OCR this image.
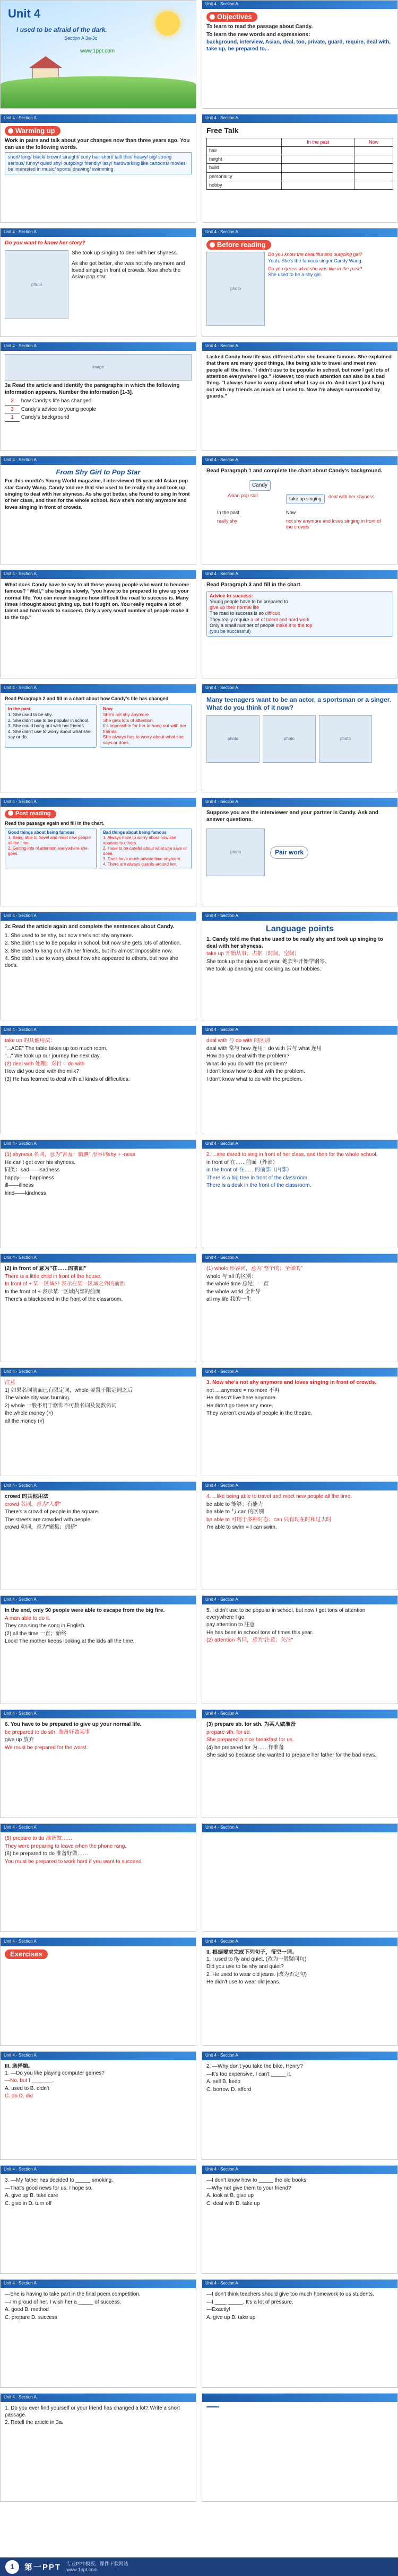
Unit 4
I used to be afraid of the dark.
Section A 3a-3c
www.1ppt.com
Unit 4 · Section A
Objectives
To learn to read the passage about Candy.
To learn the new words and expressions:
background, interview, Asian, deal, too, private, guard, require, deal with, take up, be prepared to...
Unit 4 · Section A
Warming up
Work in pairs and talk about your changes now than three years ago. You can use the following words.
short/ long/ black/ brown/ straight/ curly hair short/ tall/ thin/ heavy/ big/ strong serious/ funny/ quiet/ shy/ outgoing/ friendly/ lazy/ hardworking like cartoons/ movies be interested in music/ sports/ drawing/ swimming
Unit 4 · Section A
Free Talk
	In the past	Now
hair		
height		
build		
personality		
hobby		
Unit 4 · Section A
Do you want to know her story?
photo
She took up singing to deal with her shyness.
As she got better, she was not shy anymore and loved singing in front of crowds. Now she's the Asian pop star.
Unit 4 · Section A
Before reading
photo
Do you know the beautiful and outgoing girl?
Yeah. She's the famous singer Candy Wang.
Do you guess what she was like in the past?
She used to be a shy girl.
Unit 4 · Section A
image
3a Read the article and identify the paragraphs in which the following information appears. Number the information [1-3].
2 how Candy's life has changed
3 Candy's advice to young people
1 Candy's background
Unit 4 · Section A
I asked Candy how life was different after she became famous. She explained that there are many good things, like being able to travel and meet new people all the time. "I didn't use to be popular in school, but now I get lots of attention everywhere I go." However, too much attention can also be a bad thing. "I always have to worry about what I say or do. And I can't just hang out with my friends as much as I used to. Now I'm always surrounded by guards."
Unit 4 · Section A
From Shy Girl to Pop Star
For this month's Young World magazine, I interviewed 15-year-old Asian pop star Candy Wang. Candy told me that she used to be really shy and took up singing to deal with her shyness. As she got better, she found to sing in front of her class, and then for the whole school. Now she's not shy anymore and loves singing in front of crowds.
Unit 4 · Section A
Read Paragraph 1 and complete the chart about Candy's background.
Candy
Asian pop star
take up singing	deal with her shyness
In the past	Now
really shy	not shy anymore and loves singing in front of the crowds
Unit 4 · Section A
What does Candy have to say to all those young people who want to become famous? "Well," she begins slowly, "you have to be prepared to give up your normal life. You can never imagine how difficult the road to success is. Many times I thought about giving up, but I fought on. You really require a lot of talent and hard work to succeed. Only a very small number of people make it to the top."
Unit 4 · Section A
Read Paragraph 3 and fill in the chart.
Advice to success:
Young people have to be prepared to
give up their normal life
The road to success is so difficult
They really require a lot of talent and hard work
Only a small number of people make it to the top
(you be successful)
Unit 4 · Section A
Read Paragraph 2 and fill in a chart about how Candy's life has changed
In the past
1. She used to be shy.
2. She didn't use to be popular in school.
3. She could hang out with her friends.
4. She didn't use to worry about what she say or do.
Now
She's not shy anymore
She gets lots of attention.
It's impossible for her to hang out with her friends.
She always has to worry about what she says or does.
Unit 4 · Section A
Many teenagers want to be an actor, a sportsman or a singer. What do you think of it now?
photo	photo	photo
Unit 4 · Section A
Post reading
Read the passage again and fill in the chart.
Good things about being famous
1. Being able to travel and meet new people all the time.
2. Getting lots of attention everywhere she goes.
Bad things about being famous
1. Always have to worry about how she appears to others.
2. Have to be careful about what she says or does.
3. Don't have much private time anymore.
4. There are always guards around her.
Unit 4 · Section A
Suppose you are the interviewer and your partner is Candy. Ask and answer questions.
photo	Pair work
Unit 4 · Section A
3c Read the article again and complete the sentences about Candy.
1. She used to be shy, but now she's not shy anymore.
2. She didn't use to be popular in school, but now she gets lots of attention.
3. She used to hang out with her friends, but it's almost impossible now.
4. She didn't use to worry about how she appeared to others, but now she does.
Unit 4 · Section A
Language points
1. Candy told me that she used to be really shy and took up singing to deal with her shyness.
take up 开始从事；占据（时间、空间）
She took up the piano last year. 她去年开始学钢琴。
We took up dancing and cooking as our hobbies.
Unit 4 · Section A
take up 的其他用法：
"...ACE" The table takes up too much room.
"..." We took up our journey the next day.
(2) deal with 处理；对付 = do with
How did you deal with the milk?
(3) He has learned to deal with all kinds of difficulties.
Unit 4 · Section A
deal with 与 do with 的区别
deal with 常与 how 连用；do with 常与 what 连用
How do you deal with the problem?
What do you do with the problem?
I don't know how to deal with the problem.
I don't know what to do with the problem.
Unit 4 · Section A
(1) shyness 名词，意为"害羞；腼腆" 形容词shy + -ness
He can't get over his shyness.
同类：sad——sadness
happy——happiness
ill——illness
kind——kindness
Unit 4 · Section A
2. ...she dared to sing in front of her class, and then for the whole school.
in front of 在……前面（外部）
in the front of 在……的前部（内部）
There is a big tree in front of the classroom.
There is a desk in the front of the classroom.
Unit 4 · Section A
(2) in front of 意为"在……的前面"
There is a little child in front of the house.
In front of + 某一区域外 表示在某一区域之外的前面
In the front of + 表示某一区域内部的前面
There's a blackboard in the front of the classroom.
Unit 4 · Section A
(1) whole 形容词，意为"整个的；全部的"
whole 与 all 的区别：
the whole time 总是；一直
the whole world 全世界
all my life 我的一生
Unit 4 · Section A
注意
1) 如果名词前面已有限定词，whole 要置于限定词之后
The whole city was burning.
2) whole 一般不用于修饰不可数名词及复数名词
the whole money (×)
all the money (√)
Unit 4 · Section A
3. Now she's not shy anymore and loves singing in front of crowds.
not ... anymore = no more 不再
He doesn't live here anymore.
He didn't go there any more.
They weren't crowds of people in the theatre.
Unit 4 · Section A
crowd 的其他用法
crowd 名词，意为"人群"
There's a crowd of people in the square.
The streets are crowded with people.
crowd 动词，意为"聚集；拥挤"
Unit 4 · Section A
4. ...like being able to travel and meet new people all the time.
be able to 能够；有能力
be able to 与 can 的区别
be able to 可用于多种时态；can 只有现在时和过去时
I'm able to swim = I can swim.
Unit 4 · Section A
In the end, only 50 people were able to escape from the big fire.
A man able to do it.
They can sing the song in English.
(2) all the time 一直；始终
Look! The mother keeps looking at the kids all the time.
Unit 4 · Section A
5. I didn't use to be popular in school, but now I get tons of attention everywhere I go.
pay attention to 注意
He has been in school tons of times this year.
(2) attention 名词，意为"注意；关注"
Unit 4 · Section A
6. You have to be prepared to give up your normal life.
be prepared to do sth. 准备好做某事
give up 放弃
We must be prepared for the worst.
Unit 4 · Section A
(3) prepare sb. for sth. 为某人做准备
prepare sth. for sb.
She prepared a nice breakfast for us.
(4) be prepared for 为……作准备
She said so because she wanted to prepare her father for the bad news.
Unit 4 · Section A
(5) prepare to do 准备做……
They were preparing to leave when the phone rang.
(6) be prepared to do 准备好做……
You must be prepared to work hard if you want to succeed.
Unit 4 · Section A
Unit 4 · Section A
Exercises
Unit 4 · Section A
II. 根据要求完成下列句子，每空一词。
1. I used to fly and quiet. (改为一般疑问句)
Did you use to be shy and quiet?
2. He used to wear old jeans. (改为否定句)
He didn't use to wear old jeans.
Unit 4 · Section A
III. 选择题。
1. —Do you like playing computer games?
—No, but I _______.
A. used to B. didn't
C. do D. did
Unit 4 · Section A
2. —Why don't you take the bike, Henry?
—It's too expensive. I can't _____ it.
A. sell B. keep
C. borrow D. afford
Unit 4 · Section A
3. —My father has decided to _____ smoking.
—That's good news for us. I hope so.
A. give up B. take care
C. give in D. turn off
Unit 4 · Section A
—I don't know how to _____ the old books.
—Why not give them to your friend?
A. look at B. give up
C. deal with D. take up
Unit 4 · Section A
—She is having to take part in the final poem competition.
—I'm proud of her. I wish her a _____ of success.
A. good B. method
C. prepare D. success
Unit 4 · Section A
—I don't think teachers should give too much homework to us students.
—I ____ _____. It's a lot of pressure.
—Exactly!
A. give up B. take up
Unit 4 · Section A
1. Do you ever find yourself or your friend has changed a lot? Write a short passage.
2. Retell the article in 3a.
1	第一PPT 专业PPT模板、课件下载网站
www.1ppt.com
